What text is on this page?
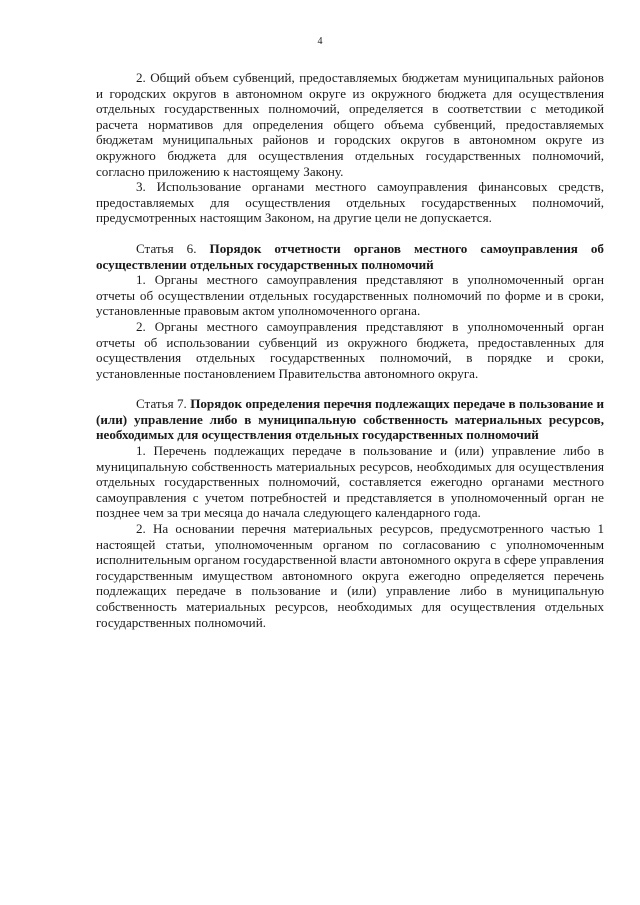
4

2. Общий объем субвенций, предоставляемых бюджетам муниципальных районов и городских округов в автономном округе из окружного бюджета для осуществления отдельных государственных полномочий, определяется в соответствии с методикой расчета нормативов для определения общего объема субвенций, предоставляемых бюджетам муниципальных районов и городских округов в автономном округе из окружного бюджета для осуществления отдельных государственных полномочий, согласно приложению к настоящему Закону.

3. Использование органами местного самоуправления финансовых средств, предоставляемых для осуществления отдельных государственных полномочий, предусмотренных настоящим Законом, на другие цели не допускается.

Статья 6. Порядок отчетности органов местного самоуправления об осуществлении отдельных государственных полномочий

1. Органы местного самоуправления представляют в уполномоченный орган отчеты об осуществлении отдельных государственных полномочий по форме и в сроки, установленные правовым актом уполномоченного органа.

2. Органы местного самоуправления представляют в уполномоченный орган отчеты об использовании субвенций из окружного бюджета, предоставленных для осуществления отдельных государственных полномочий, в порядке и сроки, установленные постановлением Правительства автономного округа.

Статья 7. Порядок определения перечня подлежащих передаче в пользование и (или) управление либо в муниципальную собственность материальных ресурсов, необходимых для осуществления отдельных государственных полномочий

1. Перечень подлежащих передаче в пользование и (или) управление либо в муниципальную собственность материальных ресурсов, необходимых для осуществления отдельных государственных полномочий, составляется ежегодно органами местного самоуправления с учетом потребностей и представляется в уполномоченный орган не позднее чем за три месяца до начала следующего календарного года.

2. На основании перечня материальных ресурсов, предусмотренного частью 1 настоящей статьи, уполномоченным органом по согласованию с уполномоченным исполнительным органом государственной власти автономного округа в сфере управления государственным имуществом автономного округа ежегодно определяется перечень подлежащих передаче в пользование и (или) управление либо в муниципальную собственность материальных ресурсов, необходимых для осуществления отдельных государственных полномочий.
